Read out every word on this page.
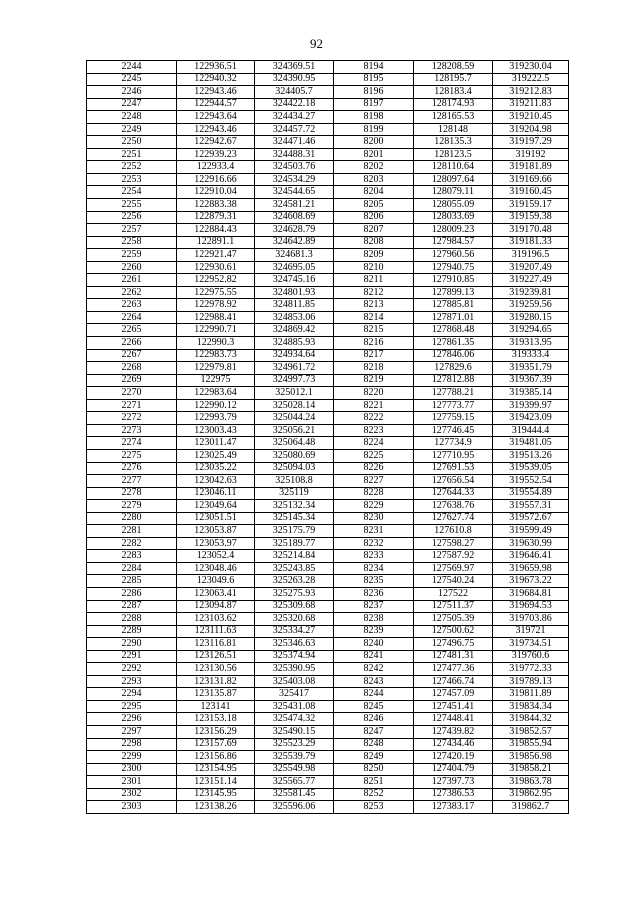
92
2244	122936.51	324369.51	8194	128208.59	319230.04
2245	122940.32	324390.95	8195	128195.7	319222.5
2246	122943.46	324405.7	8196	128183.4	319212.83
2247	122944.57	324422.18	8197	128174.93	319211.83
2248	122943.64	324434.27	8198	128165.53	319210.45
2249	122943.46	324457.72	8199	128148	319204.98
2250	122942.67	324471.46	8200	128135.3	319197.29
2251	122939.23	324488.31	8201	128123.5	319192
2252	122933.4	324503.76	8202	128110.64	319181.89
2253	122916.66	324534.29	8203	128097.64	319169.66
2254	122910.04	324544.65	8204	128079.11	319160.45
2255	122883.38	324581.21	8205	128055.09	319159.17
2256	122879.31	324608.69	8206	128033.69	319159.38
2257	122884.43	324628.79	8207	128009.23	319170.48
2258	122891.1	324642.89	8208	127984.57	319181.33
2259	122921.47	324681.3	8209	127960.56	319196.5
2260	122930.61	324695.05	8210	127940.75	319207.49
2261	122952.82	324745.16	8211	127910.85	319227.49
2262	122975.55	324801.93	8212	127899.13	319239.81
2263	122978.92	324811.85	8213	127885.81	319259.56
2264	122988.41	324853.06	8214	127871.01	319280.15
2265	122990.71	324869.42	8215	127868.48	319294.65
2266	122990.3	324885.93	8216	127861.35	319313.95
2267	122983.73	324934.64	8217	127846.06	319333.4
2268	122979.81	324961.72	8218	127829.6	319351.79
2269	122975	324997.73	8219	127812.88	319367.39
2270	122983.64	325012.1	8220	127788.21	319385.14
2271	122990.12	325028.14	8221	127773.77	319399.97
2272	122993.79	325044.24	8222	127759.15	319423.09
2273	123003.43	325056.21	8223	127746.45	319444.4
2274	123011.47	325064.48	8224	127734.9	319481.05
2275	123025.49	325080.69	8225	127710.95	319513.26
2276	123035.22	325094.03	8226	127691.53	319539.05
2277	123042.63	325108.8	8227	127656.54	319552.54
2278	123046.11	325119	8228	127644.33	319554.89
2279	123049.64	325132.34	8229	127638.76	319557.31
2280	123051.51	325145.34	8230	127627.74	319572.67
2281	123053.87	325175.79	8231	127610.8	319599.49
2282	123053.97	325189.77	8232	127598.27	319630.99
2283	123052.4	325214.84	8233	127587.92	319646.41
2284	123048.46	325243.85	8234	127569.97	319659.98
2285	123049.6	325263.28	8235	127540.24	319673.22
2286	123063.41	325275.93	8236	127522	319684.81
2287	123094.87	325309.68	8237	127511.37	319694.53
2288	123103.62	325320.68	8238	127505.39	319703.86
2289	123111.63	325334.27	8239	127500.62	319721
2290	123116.81	325346.63	8240	127496.75	319734.51
2291	123126.51	325374.94	8241	127481.31	319760.6
2292	123130.56	325390.95	8242	127477.36	319772.33
2293	123131.82	325403.08	8243	127466.74	319789.13
2294	123135.87	325417	8244	127457.09	319811.89
2295	123141	325431.08	8245	127451.41	319834.34
2296	123153.18	325474.32	8246	127448.41	319844.32
2297	123156.29	325490.15	8247	127439.82	319852.57
2298	123157.69	325523.29	8248	127434.46	319855.94
2299	123156.86	325539.79	8249	127420.19	319856.98
2300	123154.95	325549.98	8250	127404.79	319858.21
2301	123151.14	325565.77	8251	127397.73	319863.78
2302	123145.95	325581.45	8252	127386.53	319862.95
2303	123138.26	325596.06	8253	127383.17	319862.7
